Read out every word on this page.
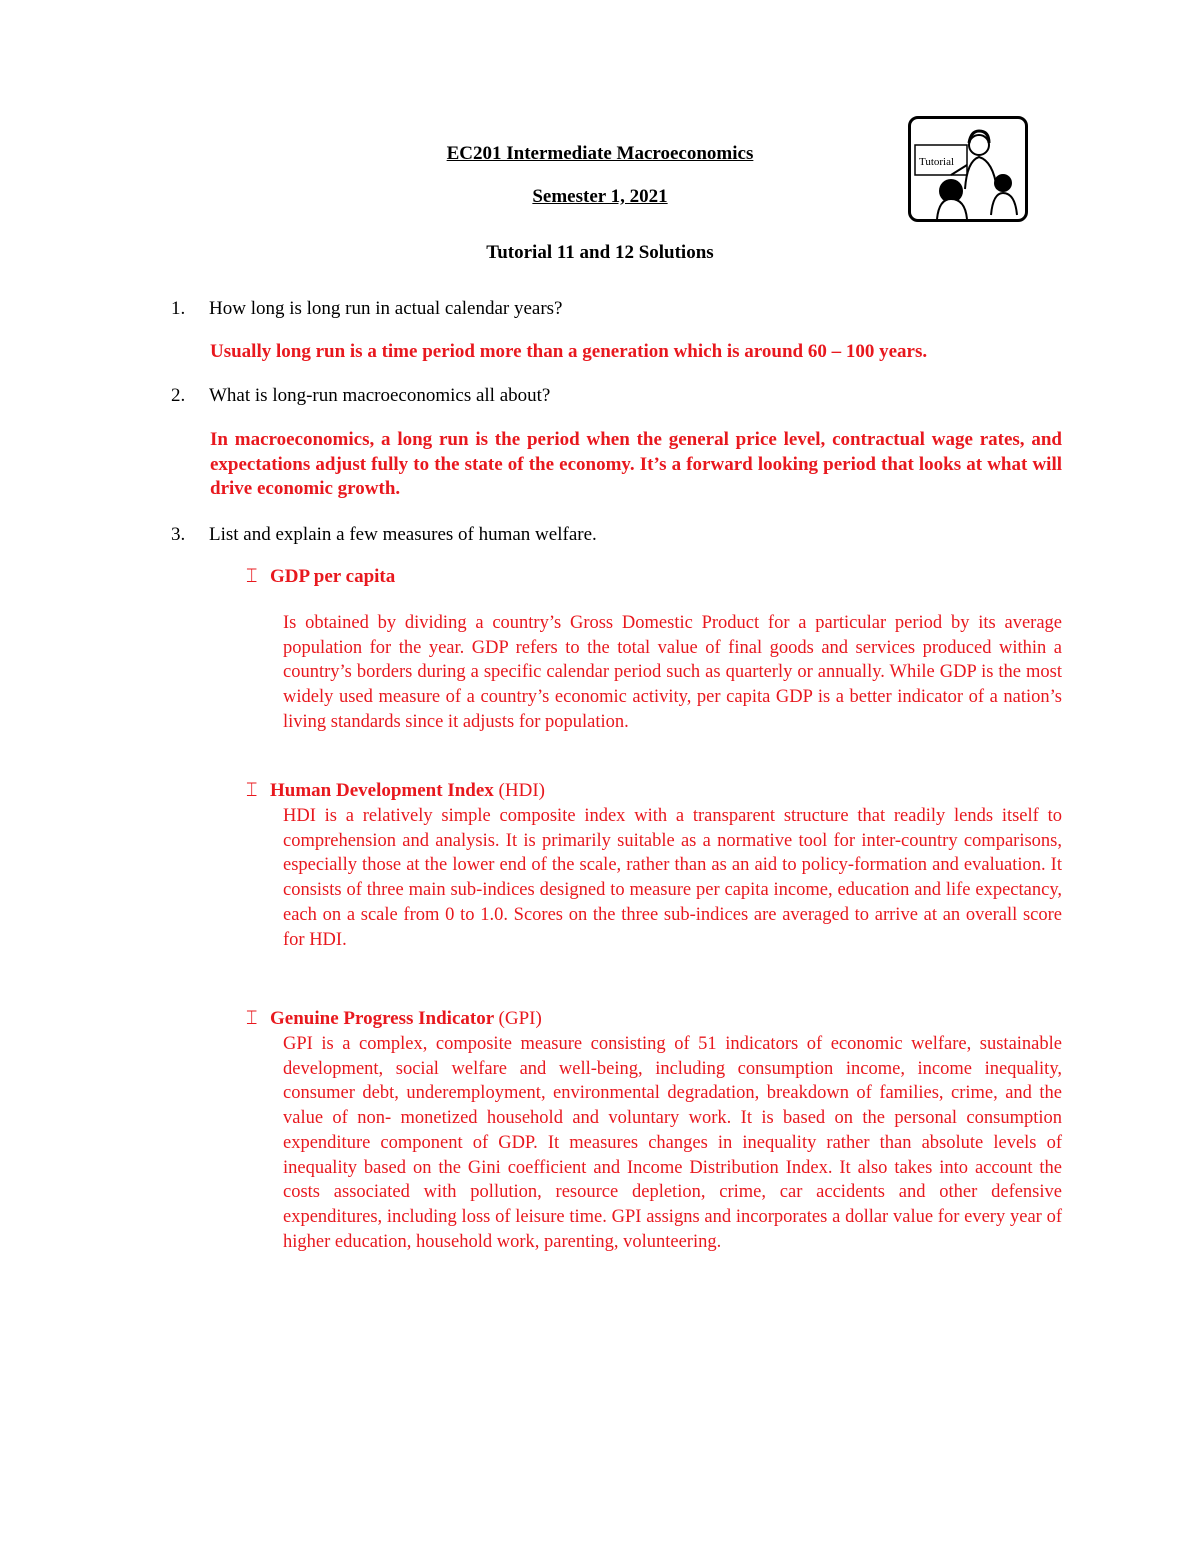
EC201 Intermediate Macroeconomics
Semester 1, 2021
Tutorial 11 and 12 Solutions
Tutorial
1. How long is long run in actual calendar years?
Usually long run is a time period more than a generation which is around 60 – 100 years.
2. What is long-run macroeconomics all about?
In macroeconomics, a long run is the period when the general price level, contractual wage rates, and expectations adjust fully to the state of the economy. It’s a forward looking period that looks at what will drive economic growth.
3. List and explain a few measures of human welfare.
⌶ GDP per capita
Is obtained by dividing a country’s Gross Domestic Product for a particular period by its average population for the year. GDP refers to the total value of final goods and services produced within a country’s borders during a specific calendar period such as quarterly or annually. While GDP is the most widely used measure of a country’s economic activity, per capita GDP is a better indicator of a nation’s living standards since it adjusts for population.
⌶ Human Development Index (HDI)
HDI is a relatively simple composite index with a transparent structure that readily lends itself to comprehension and analysis. It is primarily suitable as a normative tool for inter-country comparisons, especially those at the lower end of the scale, rather than as an aid to policy-formation and evaluation. It consists of three main sub-indices designed to measure per capita income, education and life expectancy, each on a scale from 0 to 1.0. Scores on the three sub-indices are averaged to arrive at an overall score for HDI.
⌶ Genuine Progress Indicator (GPI)
GPI is a complex, composite measure consisting of 51 indicators of economic welfare, sustainable development, social welfare and well-being, including consumption income, income inequality, consumer debt, underemployment, environmental degradation, breakdown of families, crime, and the value of non- monetized household and voluntary work. It is based on the personal consumption expenditure component of GDP. It measures changes in inequality rather than absolute levels of inequality based on the Gini coefficient and Income Distribution Index. It also takes into account the costs associated with pollution, resource depletion, crime, car accidents and other defensive expenditures, including loss of leisure time. GPI assigns and incorporates a dollar value for every year of higher education, household work, parenting, volunteering.
